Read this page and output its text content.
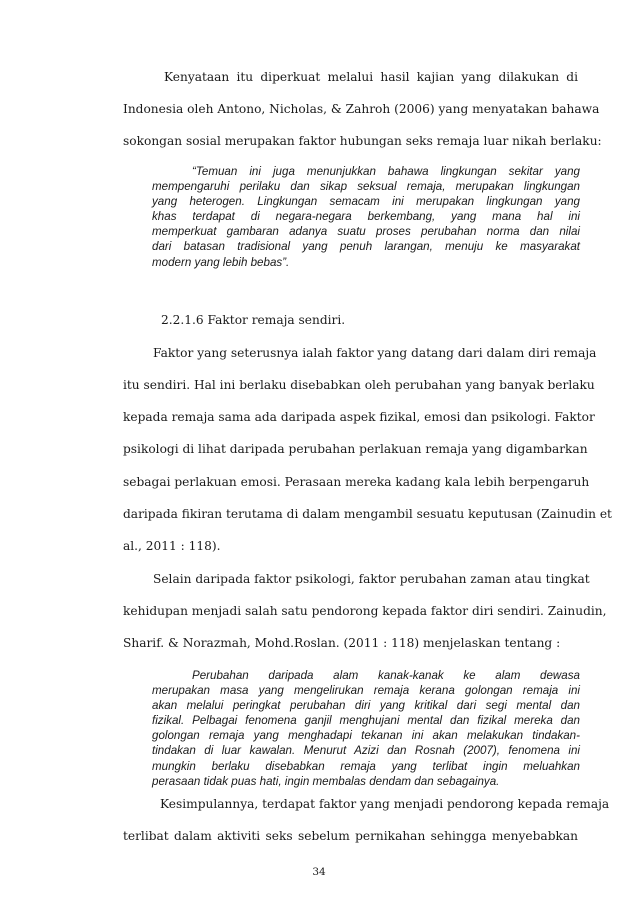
Kenyataan itu diperkuat melalui hasil kajian yang dilakukan di

Indonesia oleh Antono, Nicholas, & Zahroh (2006) yang menyatakan bahawa

sokongan sosial merupakan faktor hubungan seks remaja luar nikah berlaku:

“Temuan ini juga menunjukkan bahawa lingkungan sekitar yang
mempengaruhi perilaku dan sikap seksual remaja, merupakan lingkungan
yang heterogen. Lingkungan semacam ini merupakan lingkungan yang
khas terdapat di negara-negara berkembang, yang mana hal ini
memperkuat gambaran adanya suatu proses perubahan norma dan nilai
dari batasan tradisional yang penuh larangan, menuju ke masyarakat
modern yang lebih bebas”.

2.2.1.6 Faktor remaja sendiri.

Faktor yang seterusnya ialah faktor yang datang dari dalam diri remaja

itu sendiri. Hal ini berlaku disebabkan oleh perubahan yang banyak berlaku

kepada remaja sama ada daripada aspek fizikal, emosi dan psikologi. Faktor

psikologi di lihat daripada perubahan perlakuan remaja yang digambarkan

sebagai perlakuan emosi. Perasaan mereka kadang kala lebih berpengaruh

daripada fikiran terutama di dalam mengambil sesuatu keputusan (Zainudin et

al., 2011 : 118).

Selain daripada faktor psikologi, faktor perubahan zaman atau tingkat

kehidupan menjadi salah satu pendorong kepada faktor diri sendiri. Zainudin,

Sharif. & Norazmah, Mohd.Roslan. (2011 : 118) menjelaskan tentang :

Perubahan daripada alam kanak-kanak ke alam dewasa
merupakan masa yang mengelirukan remaja kerana golongan remaja ini
akan melalui peringkat perubahan diri yang kritikal dari segi mental dan
fizikal. Pelbagai fenomena ganjil menghujani mental dan fizikal mereka dan
golongan remaja yang menghadapi tekanan ini akan melakukan tindakan-
tindakan di luar kawalan. Menurut Azizi dan Rosnah (2007), fenomena ini
mungkin berlaku disebabkan remaja yang terlibat ingin meluahkan
perasaan tidak puas hati, ingin membalas dendam dan sebagainya.

Kesimpulannya, terdapat faktor yang menjadi pendorong kepada remaja

terlibat dalam aktiviti seks sebelum pernikahan sehingga menyebabkan

34
